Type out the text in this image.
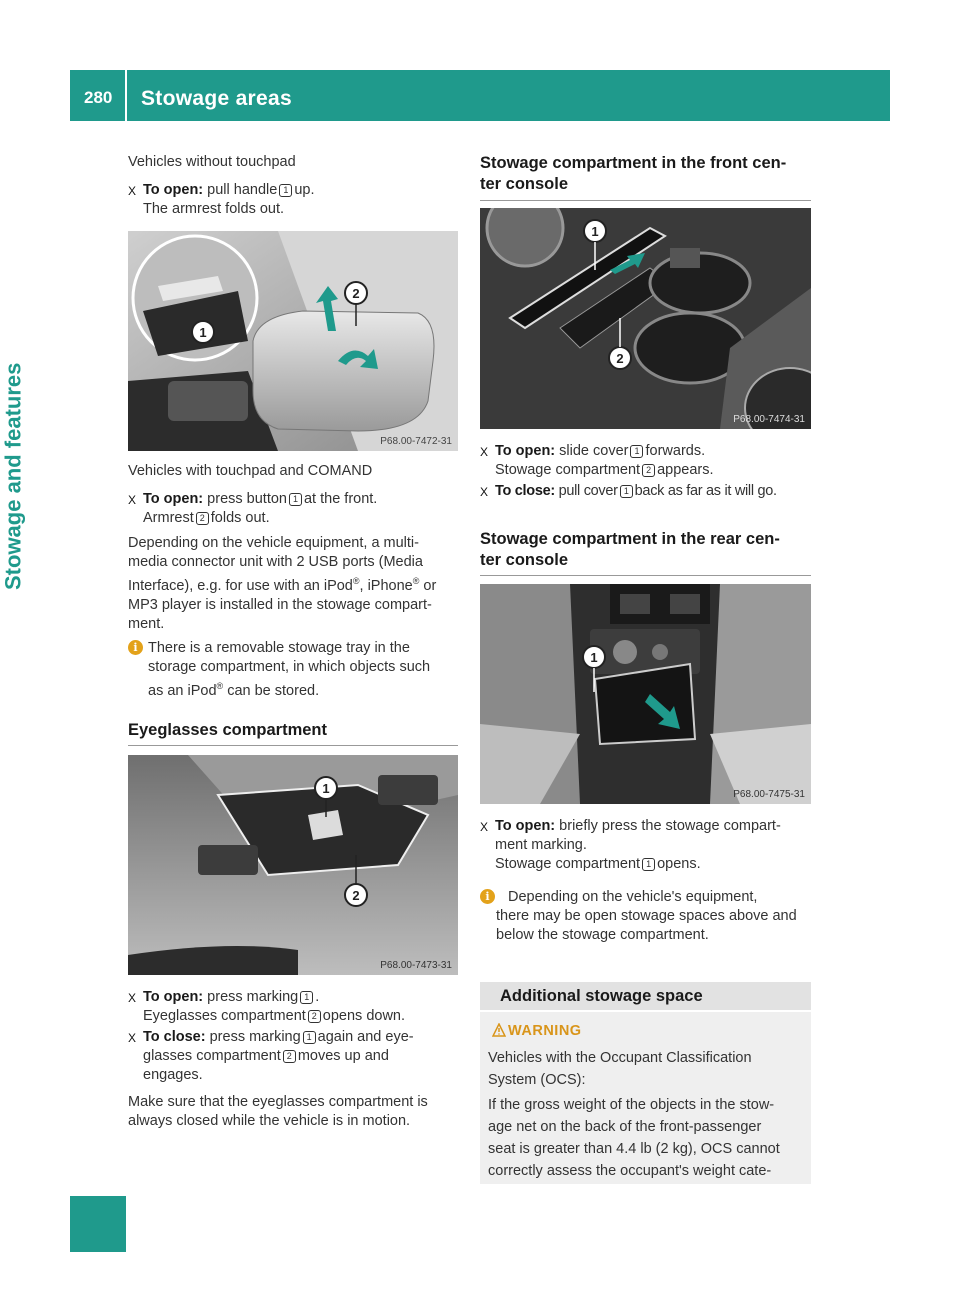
280 Stowage areas
Stowage and features
Vehicles without touchpad
X To open: pull handle 1 up.
The armrest folds out.
1
2
P68.00-7472-31
Vehicles with touchpad and COMAND
X To open: press button 1 at the front.
Armrest 2 folds out.
Depending on the vehicle equipment, a multi-
media connector unit with 2 USB ports (Media
Interface), e.g. for use with an iPod®, iPhone® or
MP3 player is installed in the stowage compart-
ment.
i There is a removable stowage tray in the
storage compartment, in which objects such
as an iPod® can be stored.
Eyeglasses compartment
1
2
P68.00-7473-31
X To open: press marking 1 .
Eyeglasses compartment 2 opens down.
X To close: press marking 1 again and eye-
glasses compartment 2 moves up and
engages.
Make sure that the eyeglasses compartment is
always closed while the vehicle is in motion.
Stowage compartment in the front cen-
ter console
1
2
P68.00-7474-31
X To open: slide cover 1 forwards.
Stowage compartment 2 appears.
X To close: pull cover 1 back as far as it will go.
Stowage compartment in the rear cen-
ter console
1
P68.00-7475-31
X To open: briefly press the stowage compart-
ment marking.
Stowage compartment 1 opens.
i	Depending on the vehicle's equipment,
there may be open stowage spaces above and
below the stowage compartment.
Additional stowage space
WARNING
Vehicles with the Occupant Classification
System (OCS):
If the gross weight of the objects in the stow-
age net on the back of the front-passenger
seat is greater than 4.4 lb (2 kg), OCS cannot
correctly assess the occupant's weight cate-
